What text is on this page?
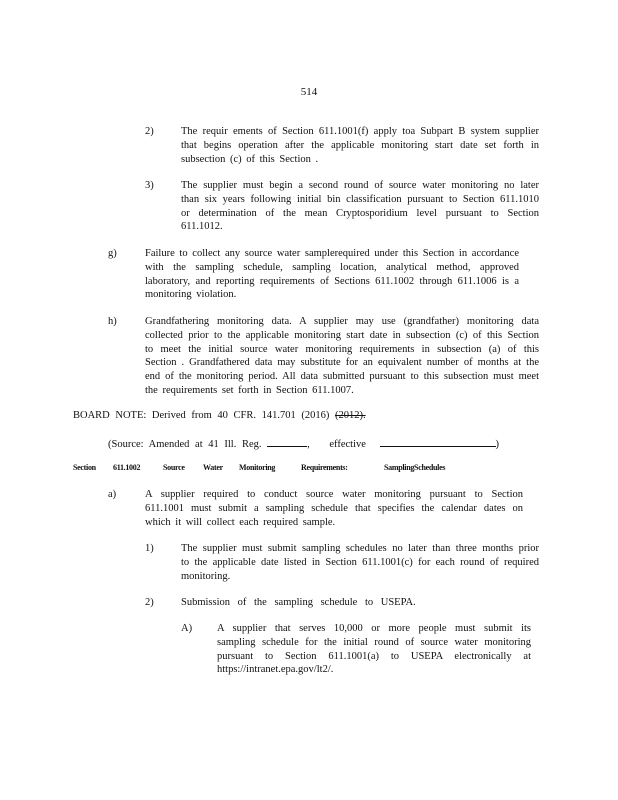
514
2)	The requir ements of Section 611.1001(f) apply toa Subpart B system supplier that begins operation after the applicable monitoring start date set forth in subsection (c) of this Section .
3)	The supplier must begin a second round of source water monitoring no later than six years following initial bin classification pursuant to Section 611.1010 or determination of the mean Cryptosporidium level pursuant to Section 611.1012.
g)	Failure to collect any source water samplerequired under this Section in accordance with the sampling schedule, sampling location, analytical method, approved laboratory, and reporting requirements of Sections 611.1002 through 611.1006 is a monitoring violation.
h)	Grandfathering monitoring data. A supplier may use (grandfather) monitoring data collected prior to the applicable monitoring start date in subsection (c) of this Section to meet the initial source water monitoring requirements in subsection (a) of this Section . Grandfathered data may substitute for an equivalent number of months at the end of the monitoring period. All data submitted pursuant to this subsection must meet the requirements set forth in Section 611.1007.
BOARD NOTE: Derived from 40 CFR. 141.701 (2016) (2012).
(Source: Amended at 41 Ill. Reg.	, effective	)
Section 611.1002	Source Water Monitoring	Requirements:	SamplingSchedules
a)	A supplier required to conduct source water monitoring pursuant to Section 611.1001 must submit a sampling schedule that specifies the calendar dates on which it will collect each required sample.
1)	The supplier must submit sampling schedules no later than three months prior to the applicable date listed in Section 611.1001(c) for each round of required monitoring.
2)	Submission of the sampling schedule to USEPA.
A) A supplier that serves 10,000 or more people must submit its sampling schedule for the initial round of source water monitoring pursuant to Section 611.1001(a) to USEPA electronically at https://intranet.epa.gov/lt2/.
